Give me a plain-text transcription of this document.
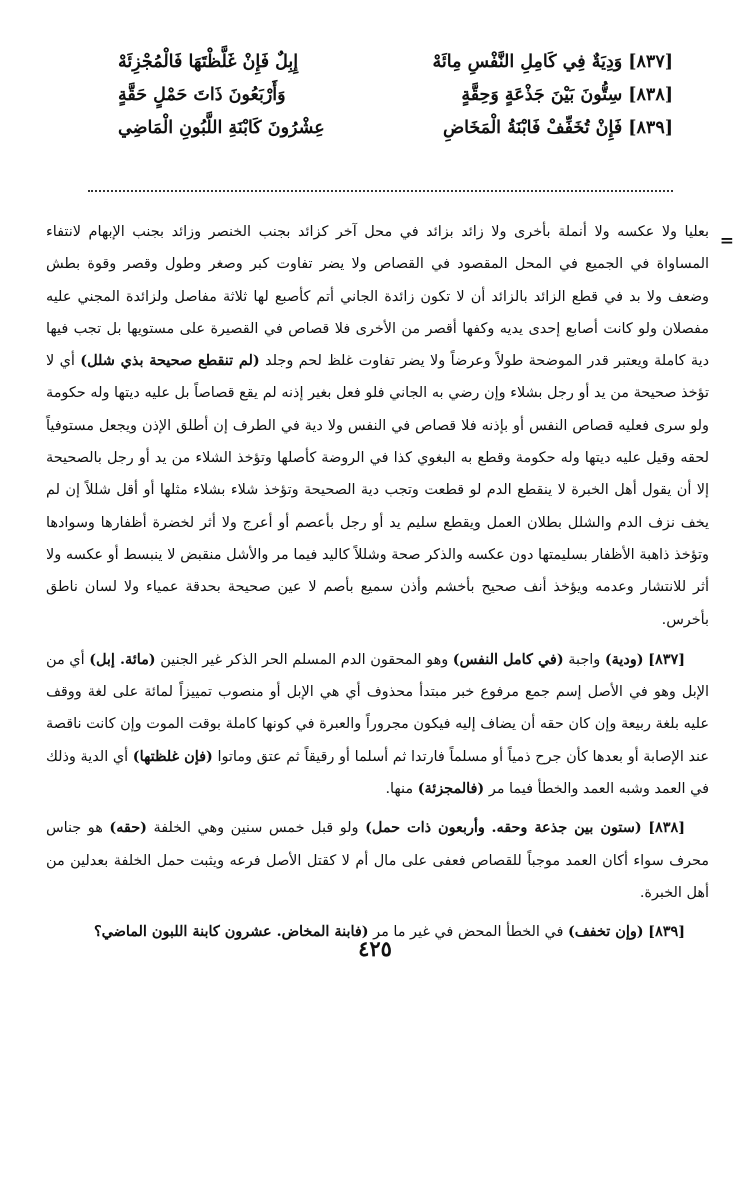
[٨٣٧]وَدِيَةٌ فِي كَامِلِ النَّفْسِ مِائَهْ
إِبِلٌ فَإِنْ غَلَّظْتَهَا فَالْمُجْزِئَهْ
[٨٣٨]سِتُّونَ بَيْنَ جَذْعَةٍ وَحِقَّةٍ
وَأَرْبَعُونَ ذَاتَ حَمْلٍ حَقَّةٍ
[٨٣٩]فَإِنْ تُخَفِّفْ فَابْنَةُ الْمَخَاضِ
عِشْرُونَ كَابْنَةِ اللَّبُونِ الْمَاضِي
=

بعليا ولا عكسه ولا أنملة بأخرى ولا زائد بزائد في محل آخر كزائد بجنب الخنصر وزائد بجنب الإبهام لانتفاء المساواة في الجميع في المحل المقصود في القصاص ولا يضر تفاوت كبر وصغر وطول وقصر وقوة بطش وضعف ولا بد في قطع الزائد بالزائد أن لا تكون زائدة الجاني أتم كأصبع لها ثلاثة مفاصل ولزائدة المجني عليه مفصلان ولو كانت أصابع إحدى يديه وكفها أقصر من الأخرى فلا قصاص في القصيرة على مستويها بل تجب فيها دية كاملة ويعتبر قدر الموضحة طولاً وعرضاً ولا يضر تفاوت غلظ لحم وجلد (لم تنقطع صحيحة بذي شلل) أي لا تؤخذ صحيحة من يد أو رجل بشلاء وإن رضي به الجاني فلو فعل بغير إذنه لم يقع قصاصاً بل عليه ديتها وله حكومة ولو سرى فعليه قصاص النفس أو بإذنه فلا قصاص في النفس ولا دية في الطرف إن أطلق الإذن ويجعل مستوفياً لحقه وقيل عليه ديتها وله حكومة وقطع به البغوي كذا في الروضة كأصلها وتؤخذ الشلاء من يد أو رجل بالصحيحة إلا أن يقول أهل الخبرة لا ينقطع الدم لو قطعت وتجب دية الصحيحة وتؤخذ شلاء بشلاء مثلها أو أقل شللاً إن لم يخف نزف الدم والشلل بطلان العمل ويقطع سليم يد أو رجل بأعصم أو أعرج ولا أثر لخضرة أظفارها وسوادها وتؤخذ ذاهبة الأظفار بسليمتها دون عكسه والذكر صحة وشللاً كاليد فيما مر والأشل منقبض لا ينبسط أو عكسه ولا أثر للانتشار وعدمه ويؤخذ أنف صحيح بأخشم وأذن سميع بأصم لا عين صحيحة بحدقة عمياء ولا لسان ناطق بأخرس.

[٨٣٧] (ودية) واجبة (في كامل النفس) وهو المحقون الدم المسلم الحر الذكر غير الجنين (مائة. إبل) أي من الإبل وهو في الأصل إسم جمع مرفوع خبر مبتدأ محذوف أي هي الإبل أو منصوب تمييزاً لمائة على لغة ووقف عليه بلغة ربيعة وإن كان حقه أن يضاف إليه فيكون مجروراً والعبرة في كونها كاملة بوقت الموت وإن كانت ناقصة عند الإصابة أو بعدها كأن جرح ذمياً أو مسلماً فارتدا ثم أسلما أو رقيقاً ثم عتق وماتوا (فإن غلظتها) أي الدية وذلك في العمد وشبه العمد والخطأ فيما مر (فالمجزئة) منها.

[٨٣٨] (ستون بين جذعة وحقه. وأربعون ذات حمل) ولو قبل خمس سنين وهي الخلفة (حقه) هو جناس محرف سواء أكان العمد موجباً للقصاص فعفى على مال أم لا كقتل الأصل فرعه ويثبت حمل الخلفة بعدلين من أهل الخبرة.

[٨٣٩] (وإن تخفف) في الخطأ المحض في غير ما مر (فابنة المخاض. عشرون كابنة اللبون الماضي؟

٤٢٥
